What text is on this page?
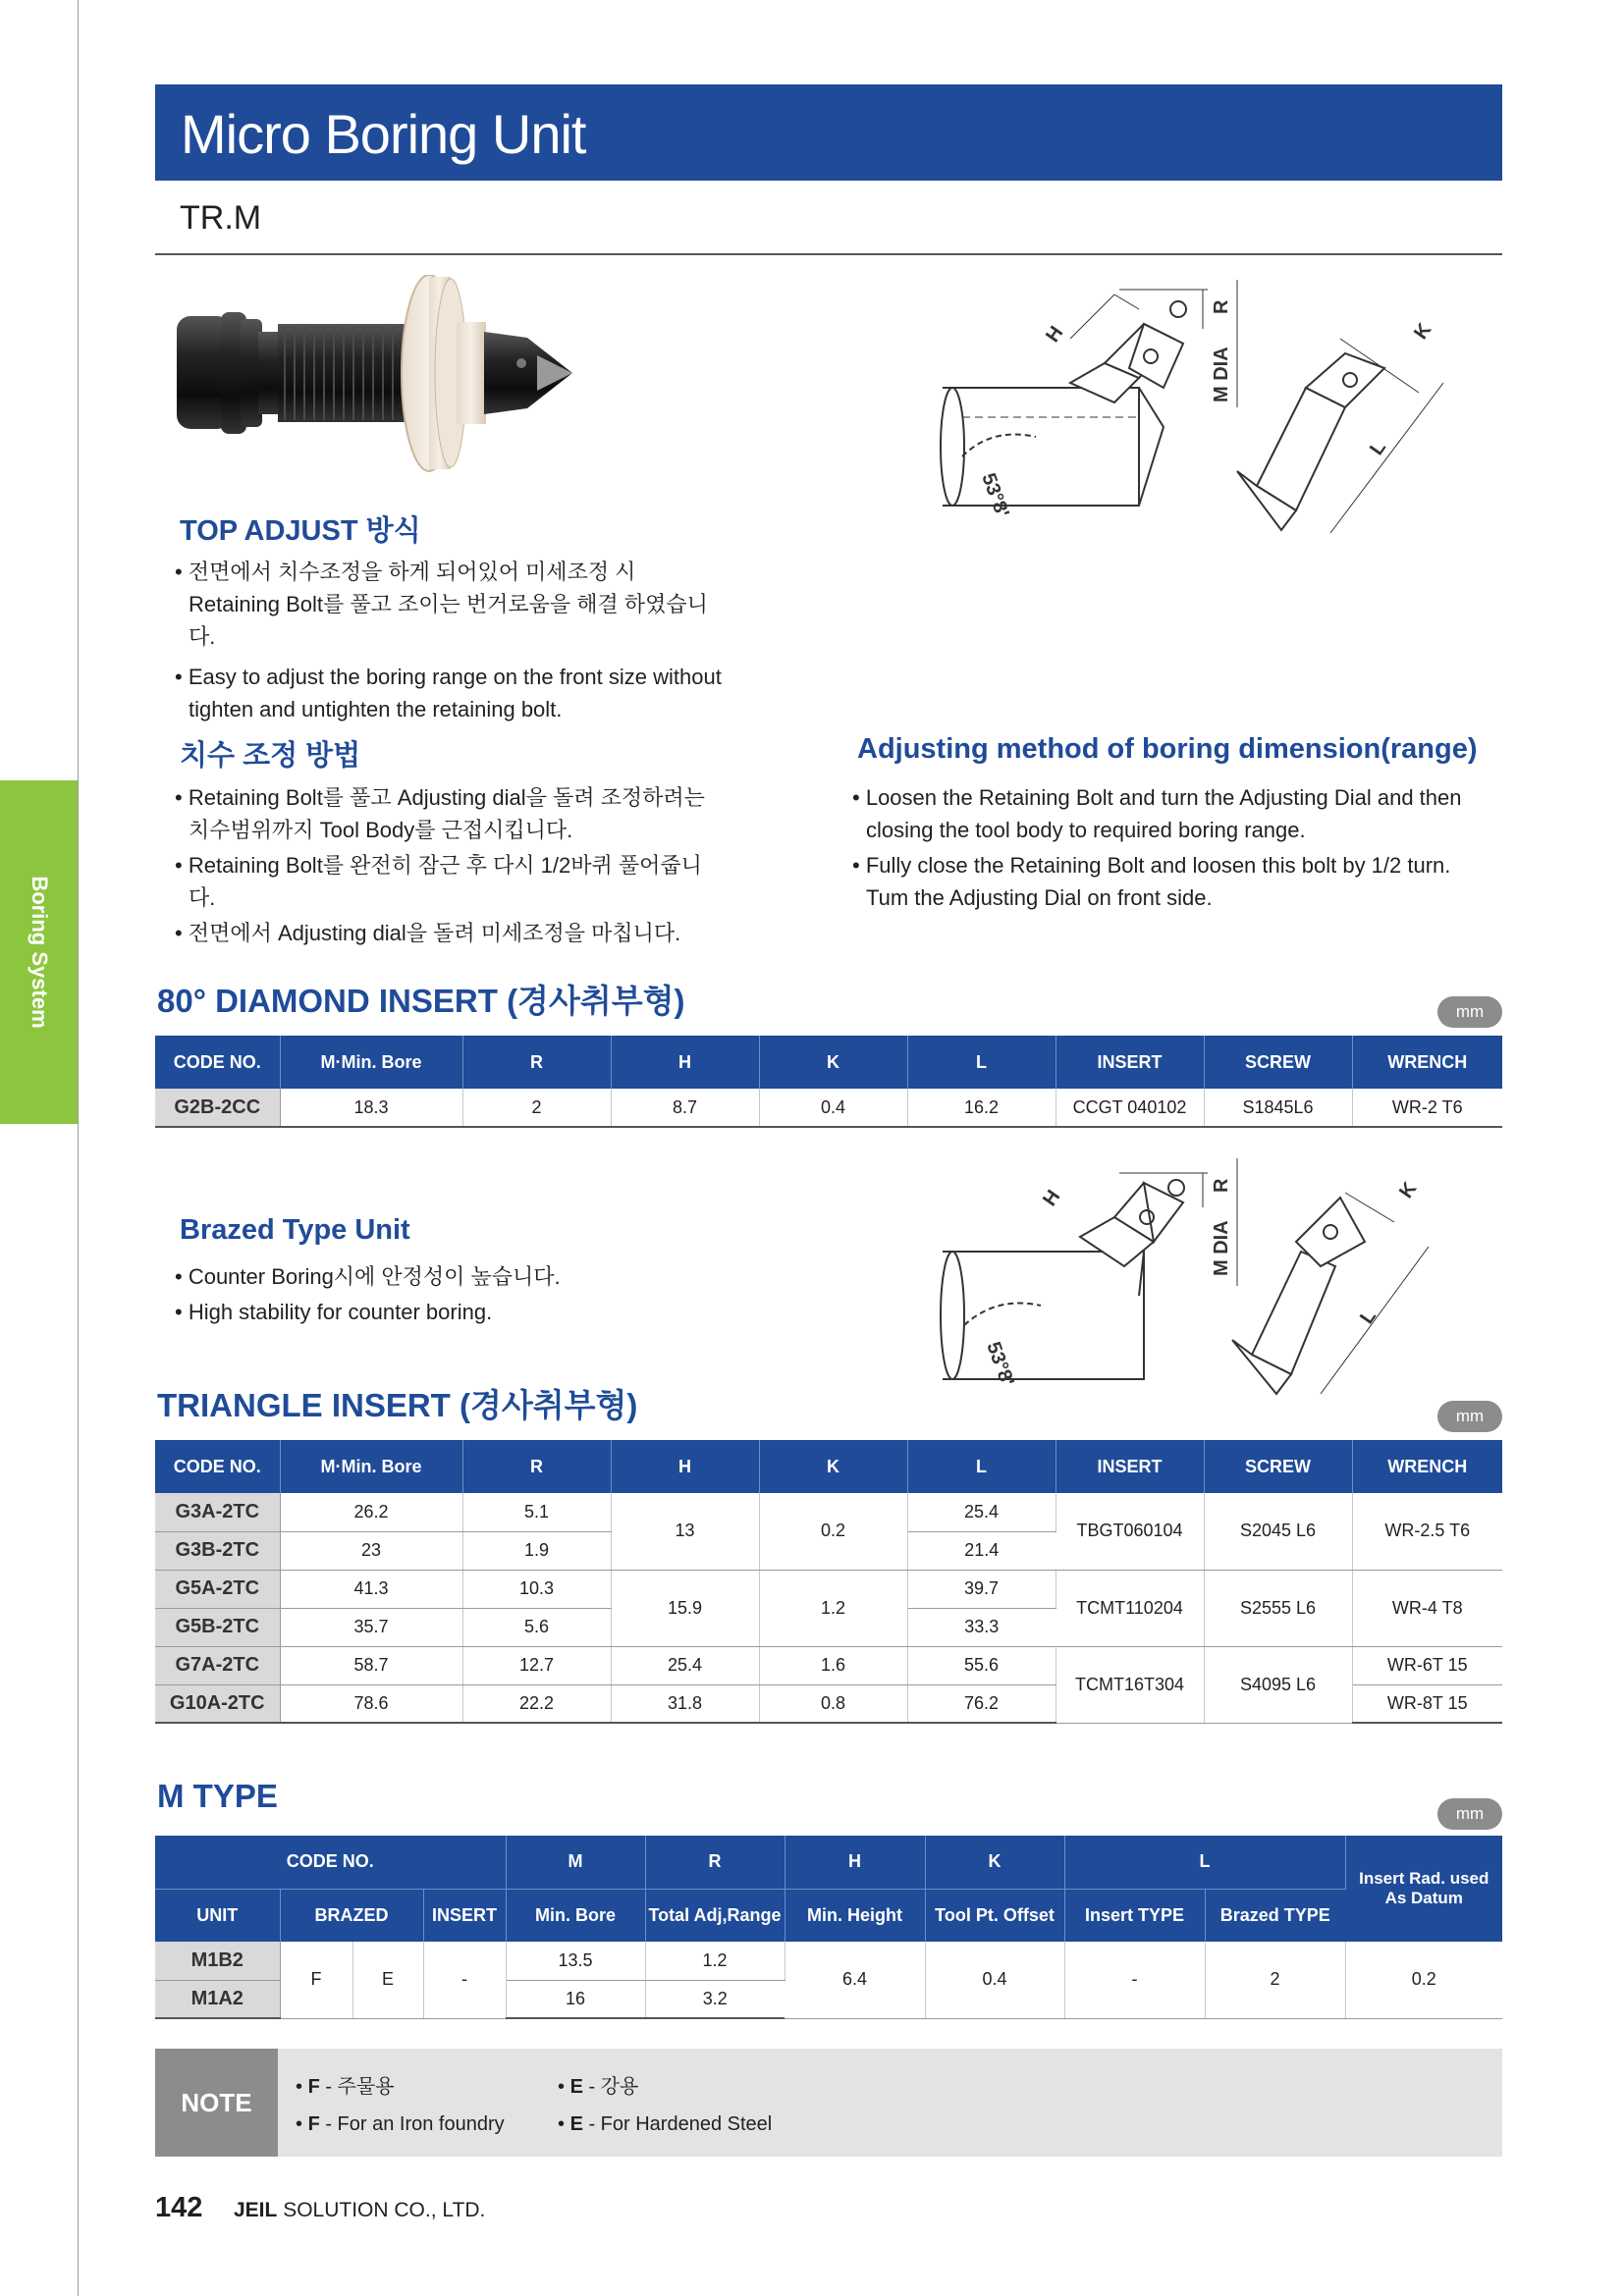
Boring System
Micro Boring Unit
TR.M
H
R
M DIA
K
L
53°8'
TOP ADJUST 방식
• 전면에서 치수조정을 하게 되어있어 미세조정 시 Retaining Bolt를 풀고 조이는 번거로움을 해결 하였습니다.
• Easy to adjust the boring range on the front size without tighten and untighten the retaining bolt.
치수 조정 방법
• Retaining Bolt를 풀고 Adjusting dial을 돌려 조정하려는 치수범위까지 Tool Body를 근접시킵니다.
• Retaining Bolt를 완전히 잠근 후 다시 1/2바퀴 풀어줍니다.
• 전면에서 Adjusting dial을 돌려 미세조정을 마칩니다.
Adjusting method of boring dimension(range)
• Loosen the Retaining Bolt and turn the Adjusting Dial and then closing the tool body to required boring range.
• Fully close the Retaining Bolt and loosen this bolt by 1/2 turn. Tum the Adjusting Dial on front side.
80° DIAMOND INSERT (경사취부형)	mm
CODE NO.	M·Min. Bore	R	H	K	L	INSERT	SCREW	WRENCH
G2B-2CC	18.3	2	8.7	0.4	16.2	CCGT 040102	S1845L6	WR-2 T6
H
R
M DIA
K
L
53°8'
Brazed Type Unit
• Counter Boring시에 안정성이 높습니다.
• High stability for counter boring.
TRIANGLE INSERT (경사취부형)	mm
CODE NO.	M·Min. Bore	R	H	K	L	INSERT	SCREW	WRENCH
G3A-2TC	26.2	5.1	13	0.2	25.4	TBGT060104	S2045 L6	WR-2.5 T6
G3B-2TC	23	1.9			21.4			
G5A-2TC	41.3	10.3	15.9	1.2	39.7	TCMT110204	S2555 L6	WR-4 T8
G5B-2TC	35.7	5.6			33.3			
G7A-2TC	58.7	12.7	25.4	1.6	55.6	TCMT16T304	S4095 L6	WR-6T 15
G10A-2TC	78.6	22.2	31.8	0.8	76.2			WR-8T 15
M TYPE	mm
CODE NO.				M	R	H	K	L		Insert Rad. used As Datum
UNIT	BRAZED		INSERT	Min. Bore	Total Adj,Range	Min. Height	Tool Pt. Offset	Insert TYPE	Brazed TYPE	
M1B2	F	E	-	13.5	1.2	6.4	0.4	-	2	0.2
M1A2				16	3.2					
NOTE
• F - 주물용	• E - 강용
• F - For an Iron foundry	• E - For Hardened Steel
142 JEIL SOLUTION CO., LTD.
